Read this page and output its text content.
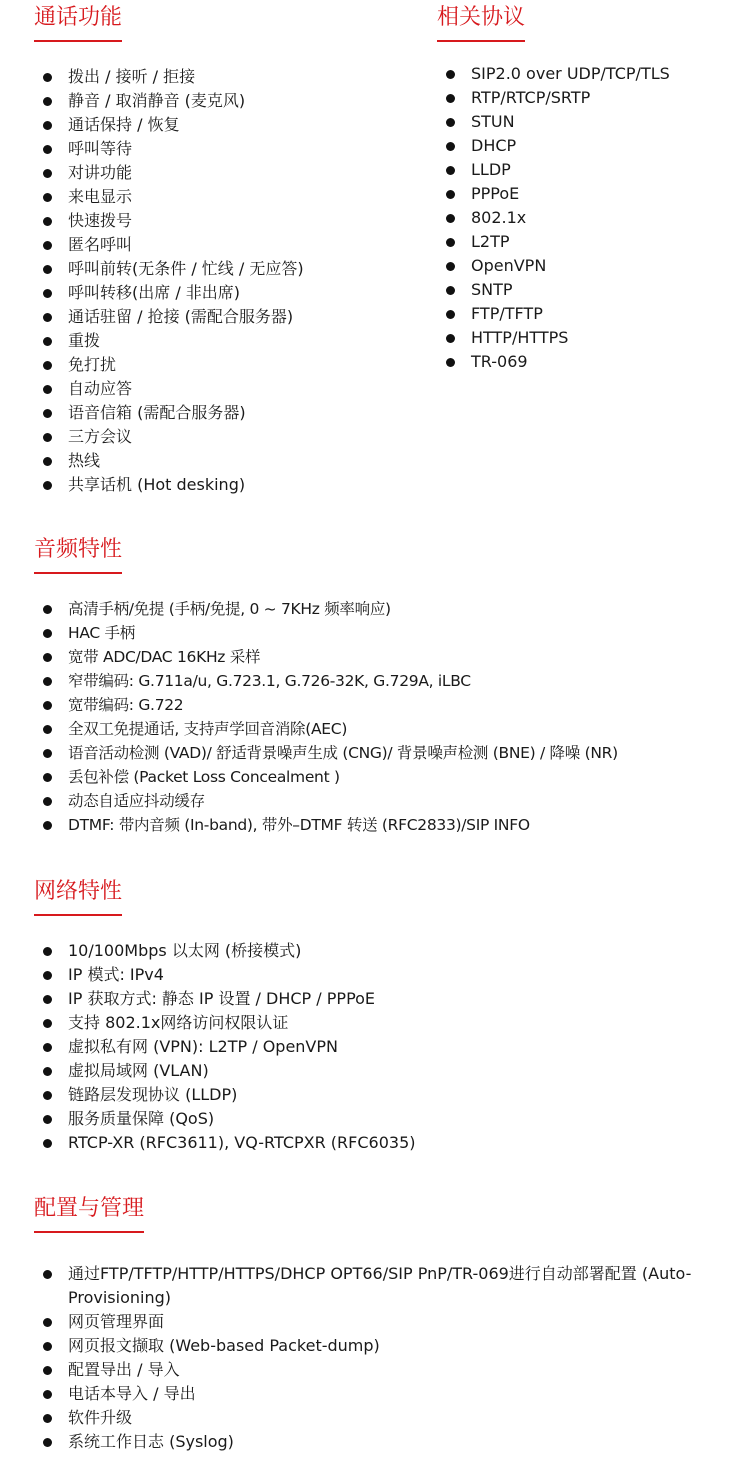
通话功能
拨出 / 接听 / 拒接
静音 / 取消静音 (麦克风)
通话保持 / 恢复
呼叫等待
对讲功能
来电显示
快速拨号
匿名呼叫
呼叫前转(无条件 / 忙线 / 无应答)
呼叫转移(出席 / 非出席)
通话驻留 / 抢接 (需配合服务器)
重拨
免打扰
自动应答
语音信箱 (需配合服务器)
三方会议
热线
共享话机 (Hot desking)
相关协议
SIP2.0 over UDP/TCP/TLS
RTP/RTCP/SRTP
STUN
DHCP
LLDP
PPPoE
802.1x
L2TP
OpenVPN
SNTP
FTP/TFTP
HTTP/HTTPS
TR-069
音频特性
高清手柄/免提 (手柄/免提, 0 ~ 7KHz 频率响应)
HAC 手柄
宽带 ADC/DAC 16KHz 采样
窄带编码: G.711a/u, G.723.1, G.726-32K, G.729A, iLBC
宽带编码: G.722
全双工免提通话, 支持声学回音消除(AEC)
语音活动检测 (VAD)/ 舒适背景噪声生成 (CNG)/ 背景噪声检测 (BNE) / 降噪 (NR)
丢包补偿 (Packet Loss Concealment )
动态自适应抖动缓存
DTMF: 带内音频 (In-band), 带外–DTMF 转送 (RFC2833)/SIP INFO
网络特性
10/100Mbps 以太网 (桥接模式)
IP 模式: IPv4
IP 获取方式: 静态 IP 设置 / DHCP / PPPoE
支持 802.1x网络访问权限认证
虚拟私有网 (VPN): L2TP / OpenVPN
虚拟局域网 (VLAN)
链路层发现协议 (LLDP)
服务质量保障 (QoS)
RTCP-XR (RFC3611), VQ-RTCPXR (RFC6035)
配置与管理
通过FTP/TFTP/HTTP/HTTPS/DHCP OPT66/SIP PnP/TR-069进行自动部署配置 (Auto-Provisioning)
网页管理界面
网页报文撷取 (Web-based Packet-dump)
配置导出 / 导入
电话本导入 / 导出
软件升级
系统工作日志 (Syslog)
